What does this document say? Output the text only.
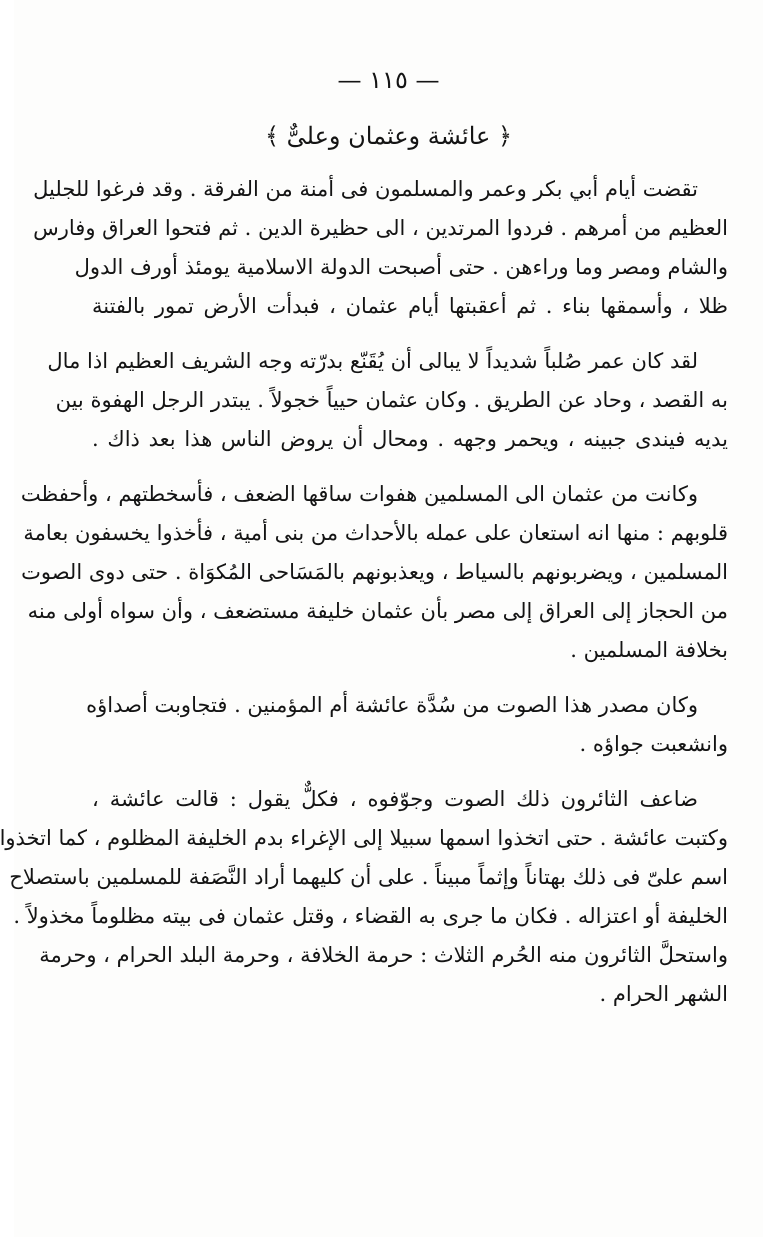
— ١١٥ —
﴿ عائشة وعثمان وعلىٌّ ﴾
تقضت أيام أبي بكر وعمر والمسلمون فى أمنة من الفرقة . وقد فرغوا للجليل
العظيم من أمرهم . فردوا المرتدين ، الى حظيرة الدين . ثم فتحوا العراق وفارس
والشام ومصر وما وراءهن . حتى أصبحت الدولة الاسلامية يومئذ أورف الدول
ظلا ، وأسمقها بناء . ثم أعقبتها أيام عثمان ، فبدأت الأرض تمور بالفتنة
لقد كان عمر صُلباً شديداً لا يبالى أن يُقَنّع بدرّته وجه الشريف العظيم اذا مال
به القصد ، وحاد عن الطريق . وكان عثمان حيياً خجولاً . يبتدر الرجل الهفوة بين
يديه فيندى جبينه ، ويحمر وجهه . ومحال أن يروض الناس هذا بعد ذاك .
وكانت من عثمان الى المسلمين هفوات ساقها الضعف ، فأسخطتهم ، وأحفظت
قلوبهم : منها انه استعان على عمله بالأحداث من بنى أمية ، فأخذوا يخسفون بعامة
المسلمين ، ويضربونهم بالسياط ، ويعذبونهم بالمَسَاحى المُكوَاة . حتى دوى الصوت
من الحجاز إلى العراق إلى مصر بأن عثمان خليفة مستضعف ، وأن سواه أولى منه
بخلافة المسلمين .
وكان مصدر هذا الصوت من سُدَّة عائشة أم المؤمنين . فتجاوبت أصداؤه
وانشعبت جواؤه .
ضاعف الثائرون ذلك الصوت وجوّفوه ، فكلٌّ يقول : قالت عائشة ،
وكتبت عائشة . حتى اتخذوا اسمها سبيلا إلى الإغراء بدم الخليفة المظلوم ، كما اتخذوا
اسم علىّ فى ذلك بهتاناً وإثماً مبيناً . على أن كليهما أراد النَّصَفة للمسلمين باستصلاح
الخليفة أو اعتزاله . فكان ما جرى به القضاء ، وقتل عثمان فى بيته مظلوماً مخذولاً .
واستحلَّ الثائرون منه الحُرم الثلاث : حرمة الخلافة ، وحرمة البلد الحرام ، وحرمة
الشهر الحرام .
